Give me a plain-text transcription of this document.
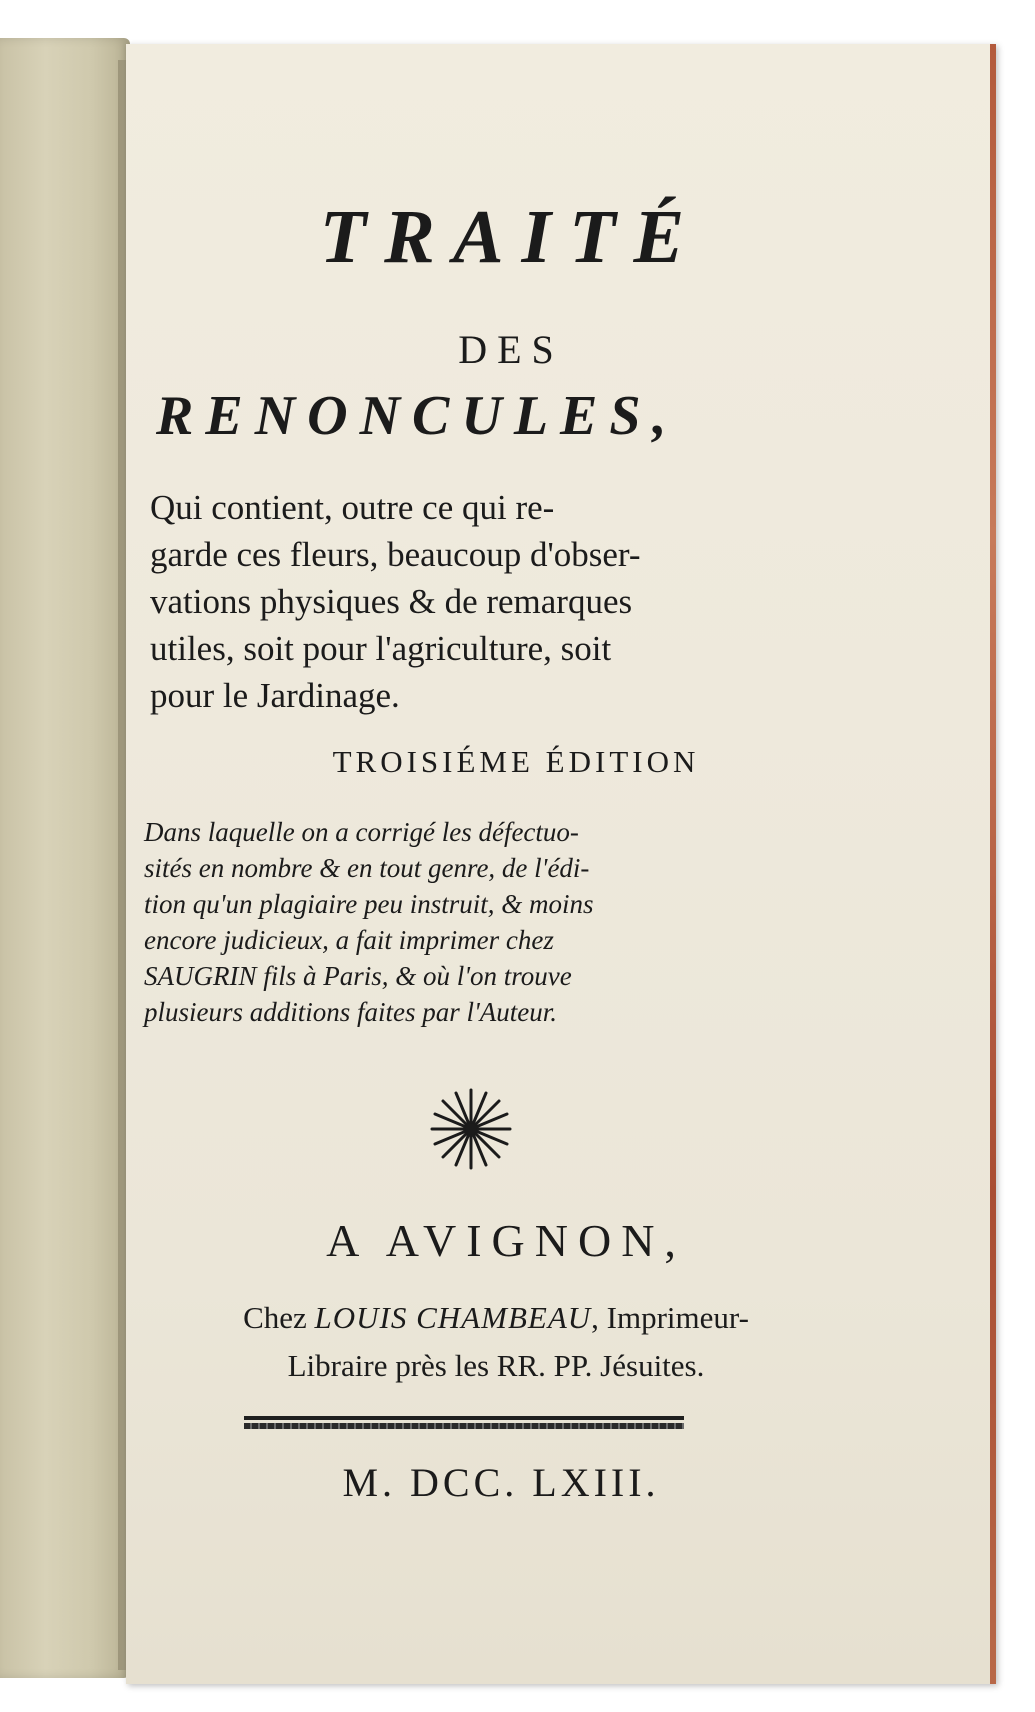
TRAITÉ
DES
RENONCULES,
Qui contient, outre ce qui re-
garde ces fleurs, beaucoup d'obser-
vations physiques & de remarques
utiles, soit pour l'agriculture, soit
pour le Jardinage.
TROISIÉME ÉDITION
Dans laquelle on a corrigé les défectuo-
sités en nombre & en tout genre, de l'édi-
tion qu'un plagiaire peu instruit, & moins
encore judicieux, a fait imprimer chez
SAUGRIN fils à Paris, & où l'on trouve
plusieurs additions faites par l'Auteur.
A AVIGNON,
Chez LOUIS CHAMBEAU, Imprimeur-
Libraire près les RR. PP. Jésuites.
M. DCC. LXIII.
